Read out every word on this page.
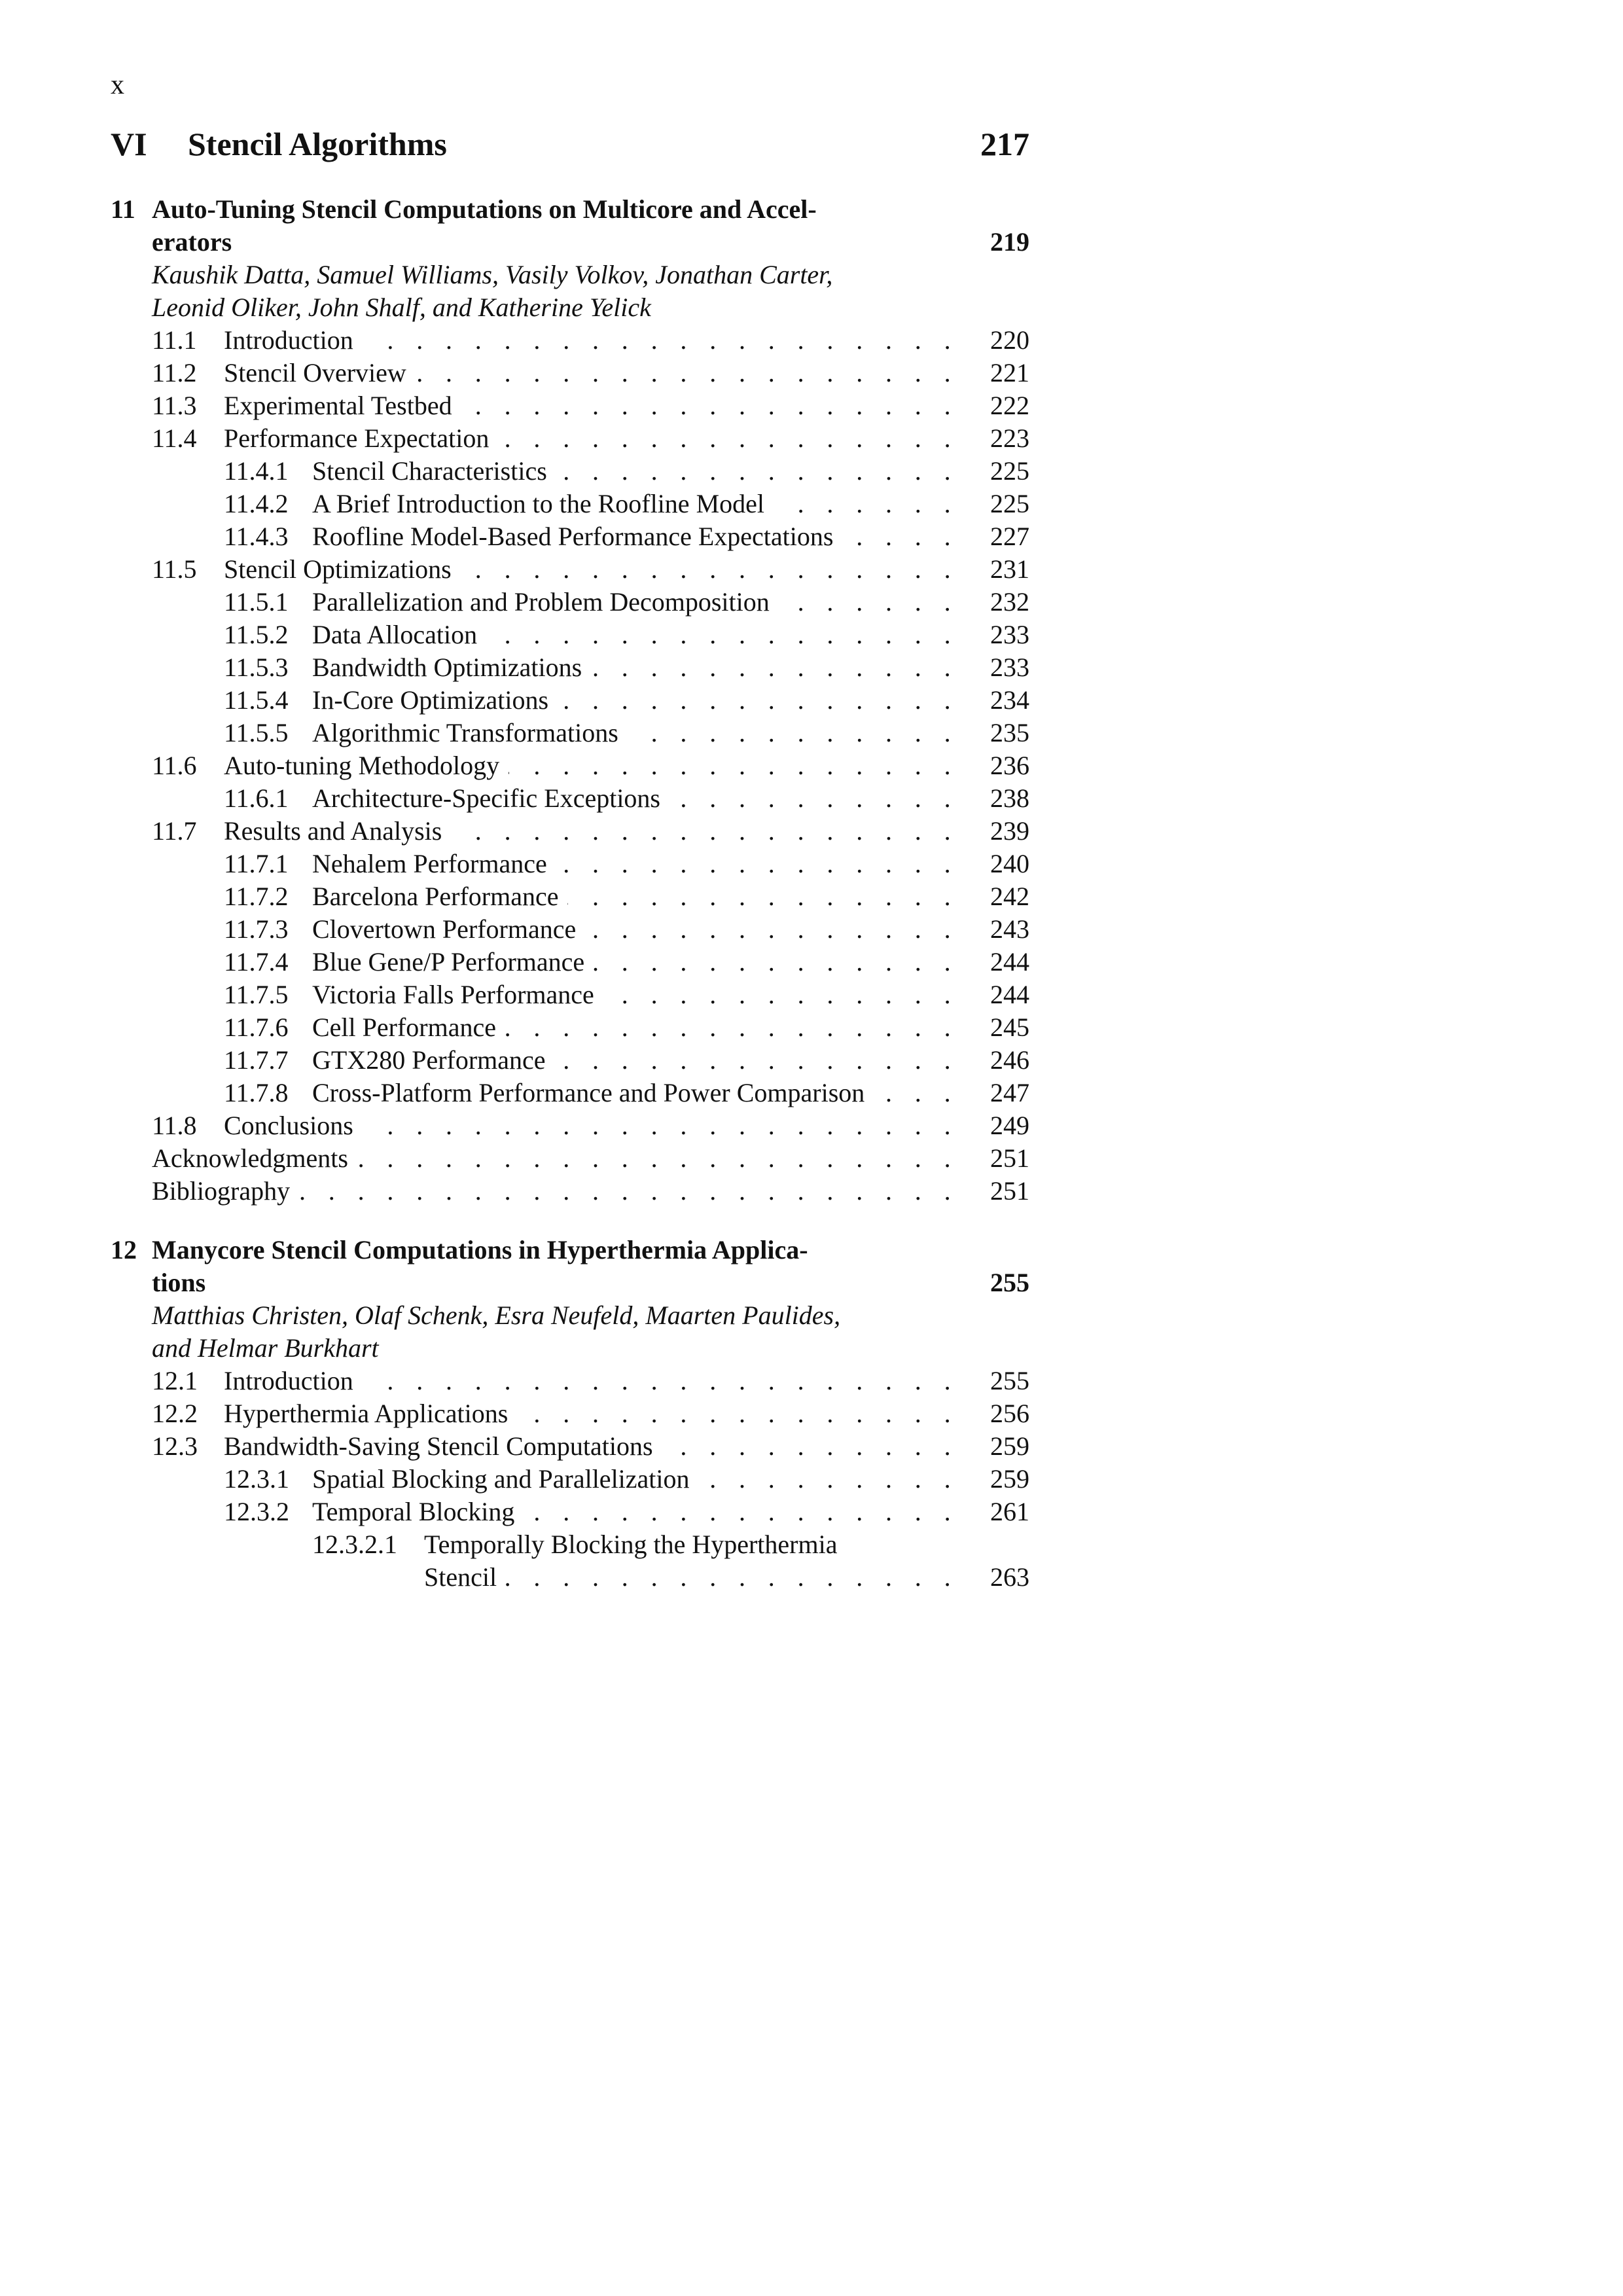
x
VI Stencil Algorithms	217
11 Auto-Tuning Stencil Computations on Multicore and Accel-
erators	219
Kaushik Datta, Samuel Williams, Vasily Volkov, Jonathan Carter,
Leonid Oliker, John Shalf, and Katherine Yelick
11.1	Introduction . . .	220
11.2	Stencil Overview . . .	221
11.3	Experimental Testbed . . .	222
11.4	Performance Expectation . . .	223
11.4.1 Stencil Characteristics . . .	225
11.4.2 A Brief Introduction to the Roofline Model . . .	225
11.4.3 Roofline Model-Based Performance Expectations . . .	227
11.5	Stencil Optimizations . . .	231
11.5.1 Parallelization and Problem Decomposition . . .	232
11.5.2 Data Allocation . . .	233
11.5.3 Bandwidth Optimizations . . .	233
11.5.4 In-Core Optimizations . . .	234
11.5.5 Algorithmic Transformations . . .	235
11.6	Auto-tuning Methodology . . .	236
11.6.1 Architecture-Specific Exceptions . . .	238
11.7	Results and Analysis . . .	239
11.7.1 Nehalem Performance . . .	240
11.7.2 Barcelona Performance . . .	242
11.7.3 Clovertown Performance . . .	243
11.7.4 Blue Gene/P Performance . . .	244
11.7.5 Victoria Falls Performance . . .	244
11.7.6 Cell Performance . . .	245
11.7.7 GTX280 Performance . . .	246
11.7.8 Cross-Platform Performance and Power Comparison . . .	247
11.8	Conclusions . . .	249
Acknowledgments . . .	251
Bibliography . . .	251
12 Manycore Stencil Computations in Hyperthermia Applica-
tions	255
Matthias Christen, Olaf Schenk, Esra Neufeld, Maarten Paulides,
and Helmar Burkhart
12.1	Introduction . . .	255
12.2	Hyperthermia Applications . . .	256
12.3	Bandwidth-Saving Stencil Computations . . .	259
12.3.1 Spatial Blocking and Parallelization . . .	259
12.3.2 Temporal Blocking . . .	261
12.3.2.1	Temporally Blocking the Hyperthermia
Stencil . . .	263
